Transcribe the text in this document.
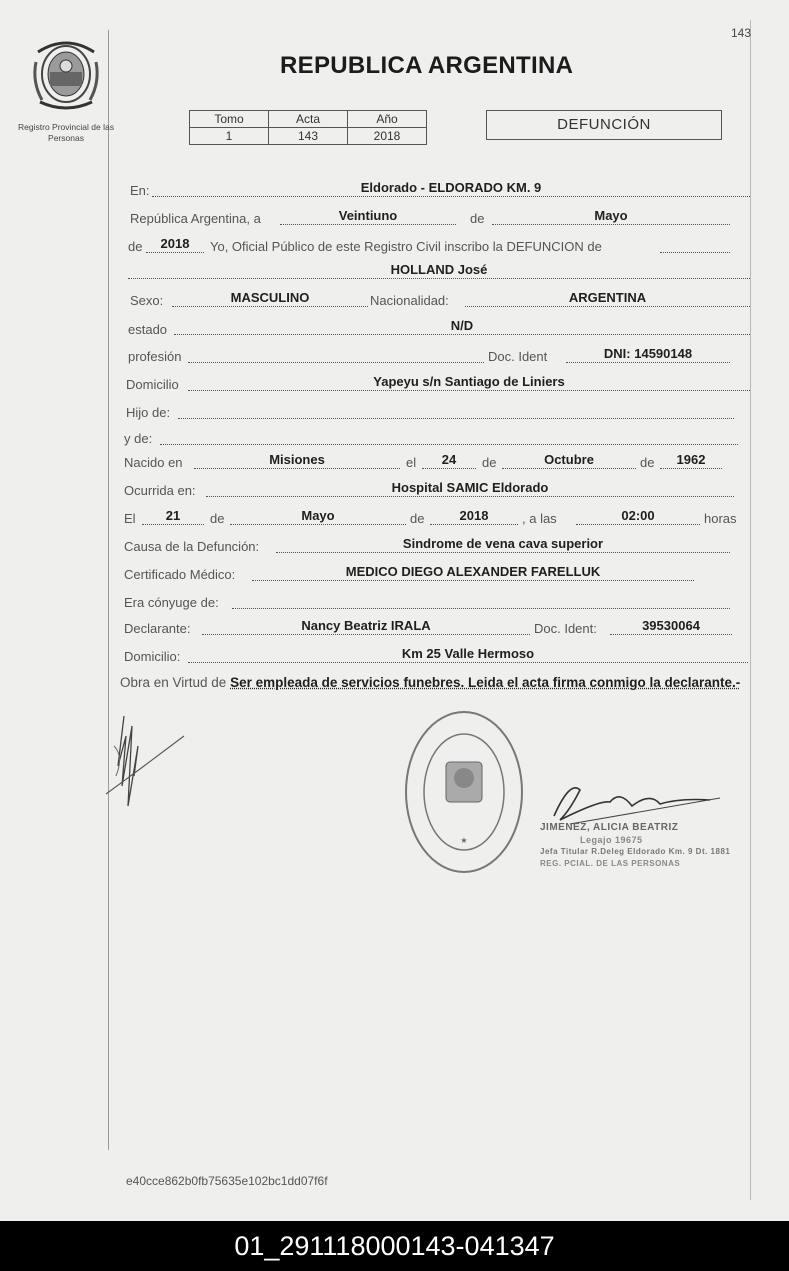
143
Registro Provincial de las Personas
REPUBLICA ARGENTINA
Tomo	Acta	Año
1	143	2018
DEFUNCIÓN
En:	Eldorado - ELDORADO KM. 9
República Argentina, a	Veintiuno	de	Mayo
de	2018	Yo, Oficial Público de este Registro Civil inscribo la DEFUNCION de
HOLLAND José
Sexo:	MASCULINO	Nacionalidad:	ARGENTINA
estado	N/D
profesión	Doc. Ident	DNI: 14590148
Domicilio	Yapeyu s/n Santiago de Liniers
Hijo de:
y de:
Nacido en	Misiones	el	24	de	Octubre	de	1962
Ocurrida en:	Hospital SAMIC Eldorado
El	21	de	Mayo	de	2018	, a las	02:00	horas
Causa de la Defunción:	Sindrome de vena cava superior
Certificado Médico:	MEDICO DIEGO ALEXANDER FARELLUK
Era cónyuge de:
Declarante:	Nancy Beatriz IRALA	Doc. Ident:	39530064
Domicilio:	Km 25 Valle Hermoso
Obra en Virtud de Ser empleada de servicios funebres. Leida el acta firma conmigo la declarante.-
★
JIMENEZ, ALICIA BEATRIZ
Legajo 19675
Jefa Titular R.Deleg Eldorado Km. 9 Dt. 1881
REG. PCIAL. DE LAS PERSONAS
e40cce862b0fb75635e102bc1dd07f6f
01_291118000143-041347
